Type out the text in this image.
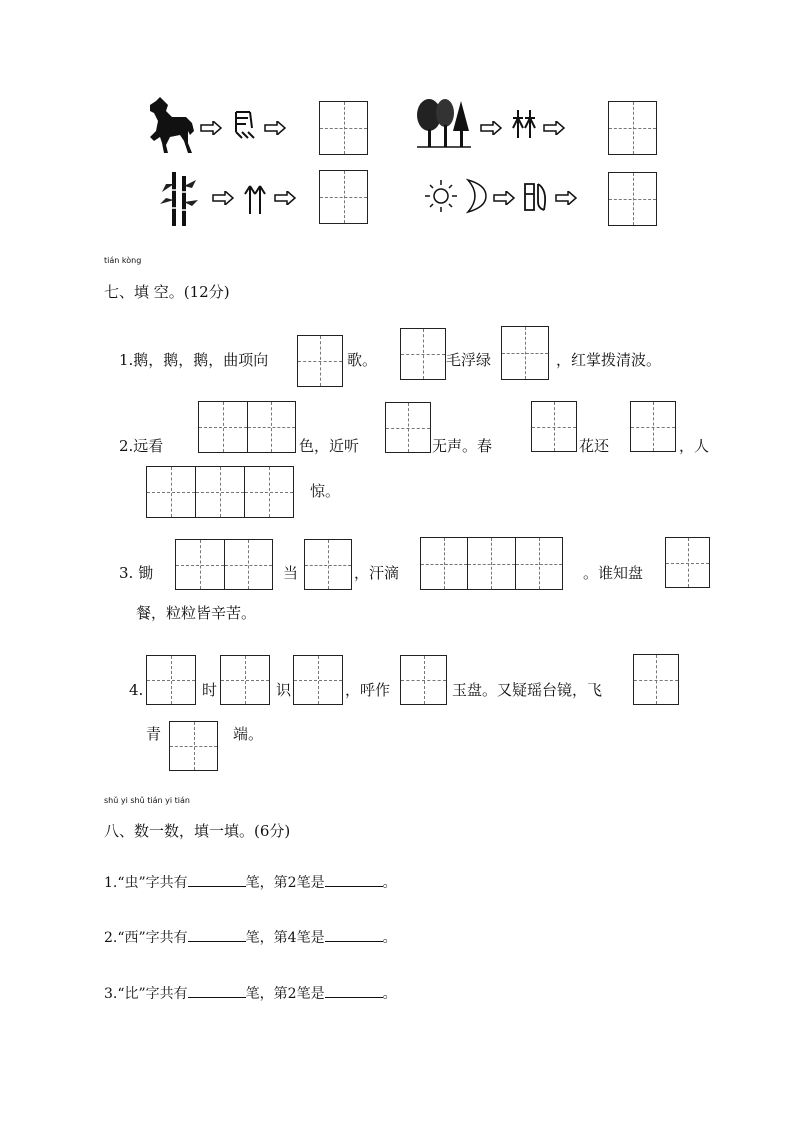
tián kòng
七、填 空。(12分)
1.鹅，鹅，鹅，曲项向	歌。	毛浮绿	，红掌拨清波。
2.远看	色，近听	无声。春	花还	，人
惊。
3. 锄	当	，汗滴	。谁知盘
餐，粒粒皆辛苦。
4.	时	识	，呼作	玉盘。又疑瑶台镜，飞
青	端。
shǔ yi shǔ tián yi tián
八、数一数，填一填。(6分)
1.“虫”字共有	笔，第2笔是	。
2.“西”字共有	笔，第4笔是	。
3.“比”字共有	笔，第2笔是	。
